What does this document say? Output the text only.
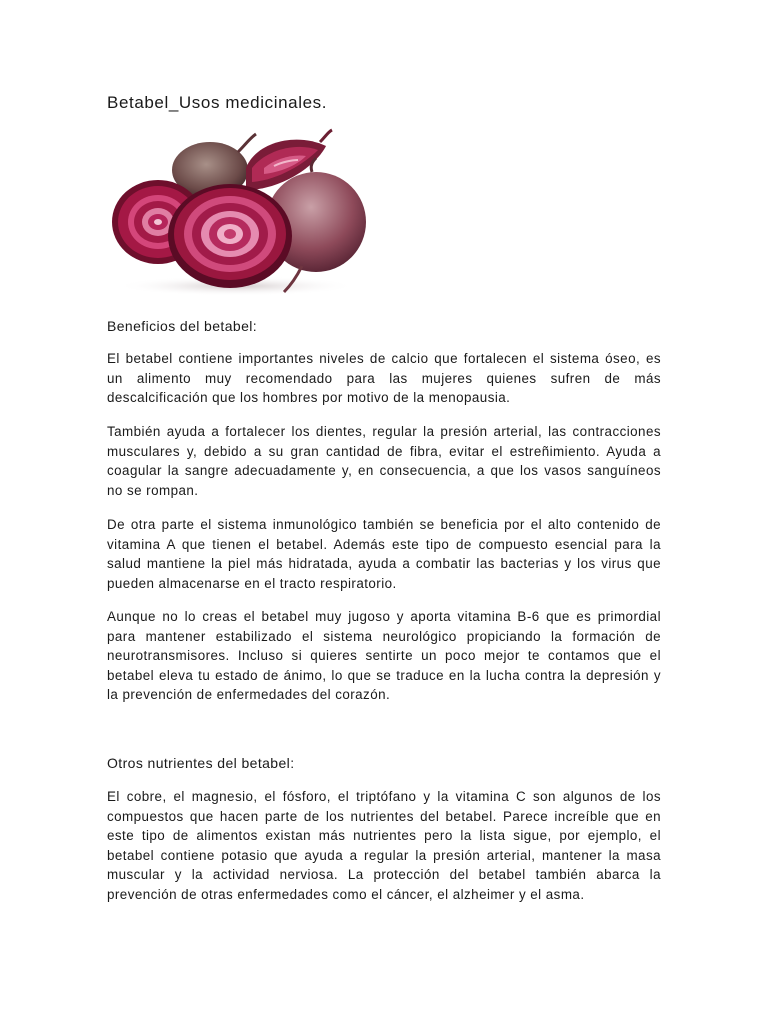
Betabel_Usos medicinales.
Beneficios del betabel:

El betabel contiene importantes niveles de calcio que fortalecen el sistema óseo, es un alimento muy recomendado para las mujeres quienes sufren de más descalcificación que los hombres por motivo de la menopausia.

También ayuda a fortalecer los dientes, regular la presión arterial, las contracciones musculares y, debido a su gran cantidad de fibra, evitar el estreñimiento. Ayuda a coagular la sangre adecuadamente y, en consecuencia, a que los vasos sanguíneos no se rompan.

De otra parte el sistema inmunológico también se beneficia por el alto contenido de vitamina A que tienen el betabel. Además este tipo de compuesto esencial para la salud mantiene la piel más hidratada, ayuda a combatir las bacterias y los virus que pueden almacenarse en el tracto respiratorio.

Aunque no lo creas el betabel muy jugoso y aporta vitamina B-6 que es primordial para mantener estabilizado el sistema neurológico propiciando la formación de neurotransmisores. Incluso si quieres sentirte un poco mejor te contamos que el betabel eleva tu estado de ánimo, lo que se traduce en la lucha contra la depresión y la prevención de enfermedades del corazón.

Otros nutrientes del betabel:

El cobre, el magnesio, el fósforo, el triptófano y la vitamina C son algunos de los compuestos que hacen parte de los nutrientes del betabel. Parece increíble que en este tipo de alimentos existan más nutrientes pero la lista sigue, por ejemplo, el betabel contiene potasio que ayuda a regular la presión arterial, mantener la masa muscular y la actividad nerviosa. La protección del betabel también abarca la prevención de otras enfermedades como el cáncer, el alzheimer y el asma.
